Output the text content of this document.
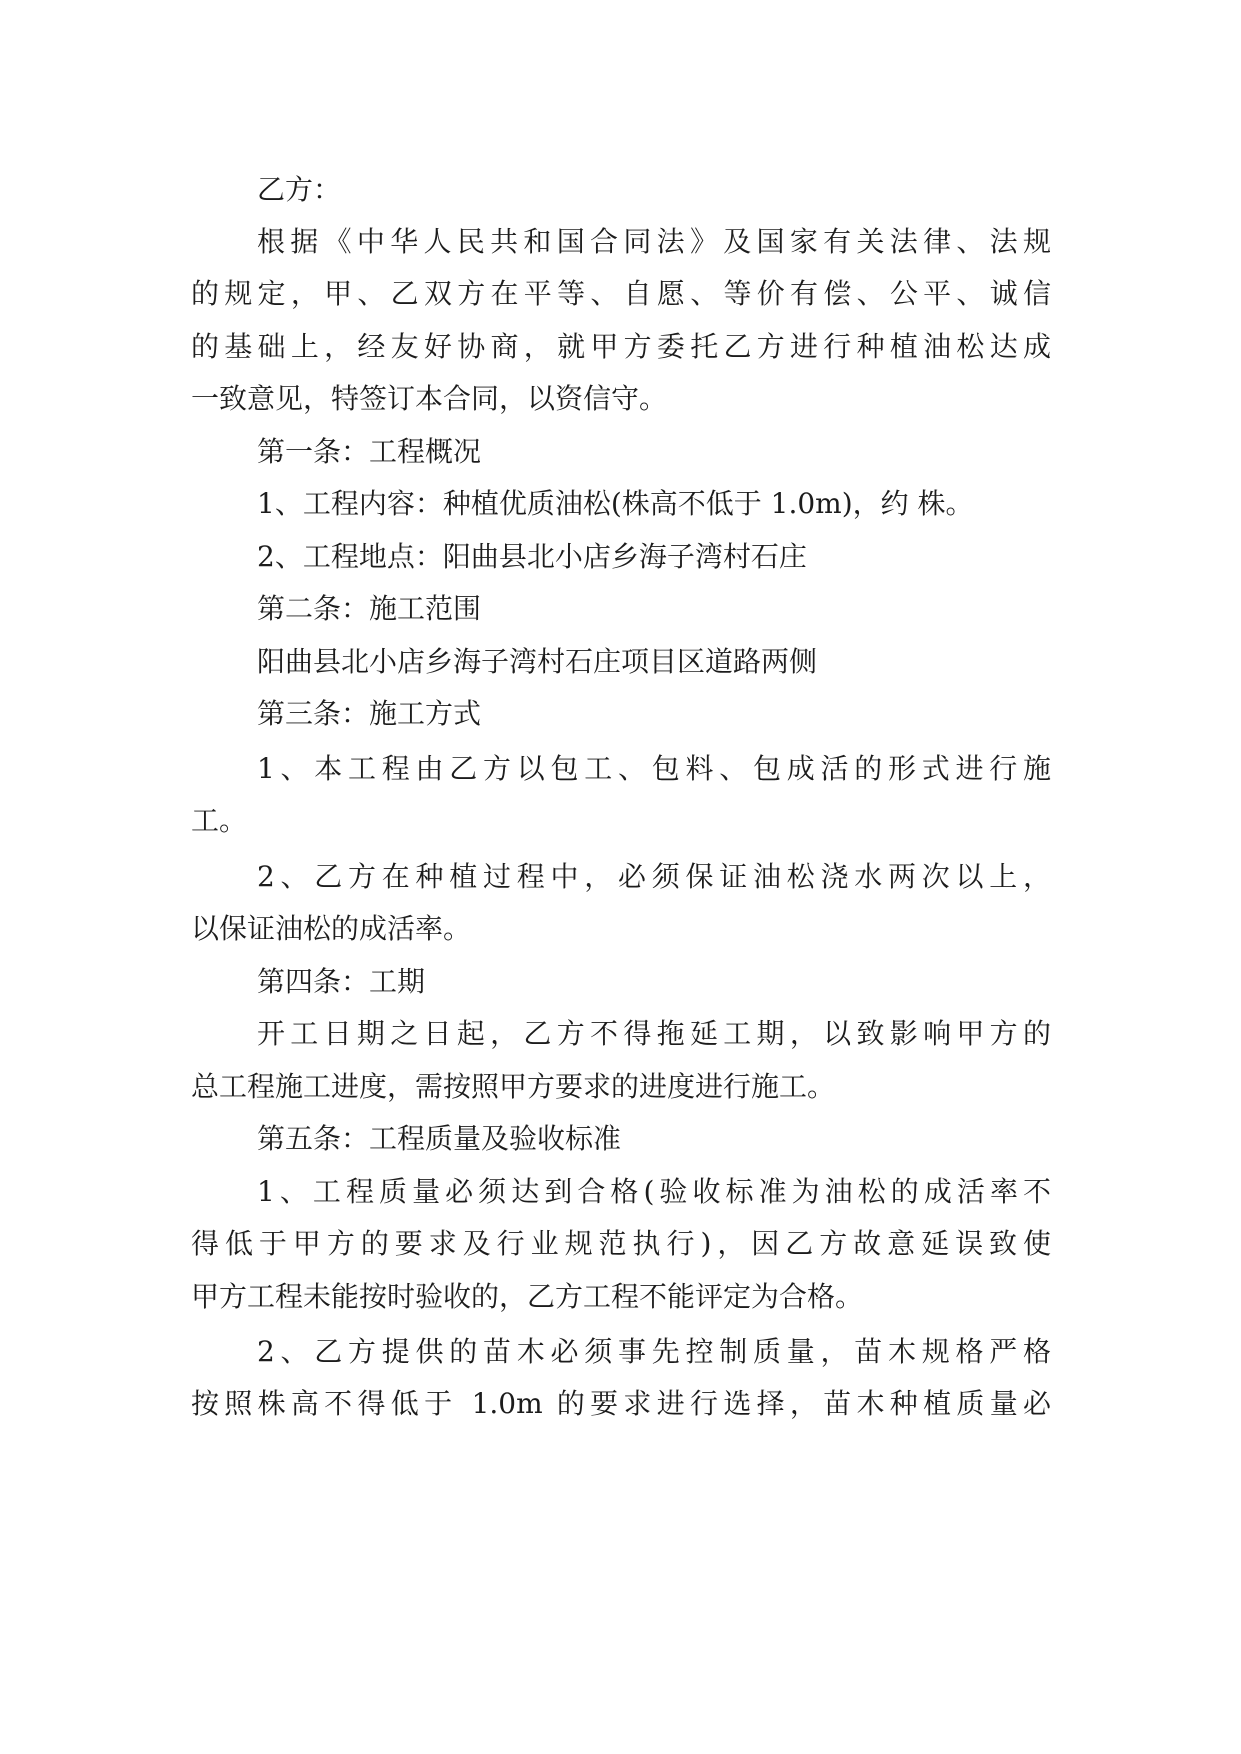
乙方：

根据《中华人民共和国合同法》及国家有关法律、法规

的规定，甲、乙双方在平等、自愿、等价有偿、公平、诚信

的基础上，经友好协商，就甲方委托乙方进行种植油松达成

一致意见，特签订本合同，以资信守。

第一条：工程概况

1、工程内容：种植优质油松(株高不低于 1.0m)，约 株。

2、工程地点：阳曲县北小店乡海子湾村石庄

第二条：施工范围

阳曲县北小店乡海子湾村石庄项目区道路两侧

第三条：施工方式

1、本工程由乙方以包工、包料、包成活的形式进行施

工。

2、乙方在种植过程中，必须保证油松浇水两次以上，

以保证油松的成活率。

第四条：工期

开工日期之日起，乙方不得拖延工期，以致影响甲方的

总工程施工进度，需按照甲方要求的进度进行施工。

第五条：工程质量及验收标准

1、工程质量必须达到合格(验收标准为油松的成活率不

得低于甲方的要求及行业规范执行)，因乙方故意延误致使

甲方工程未能按时验收的，乙方工程不能评定为合格。

2、乙方提供的苗木必须事先控制质量，苗木规格严格

按照株高不得低于 1.0m 的要求进行选择，苗木种植质量必
